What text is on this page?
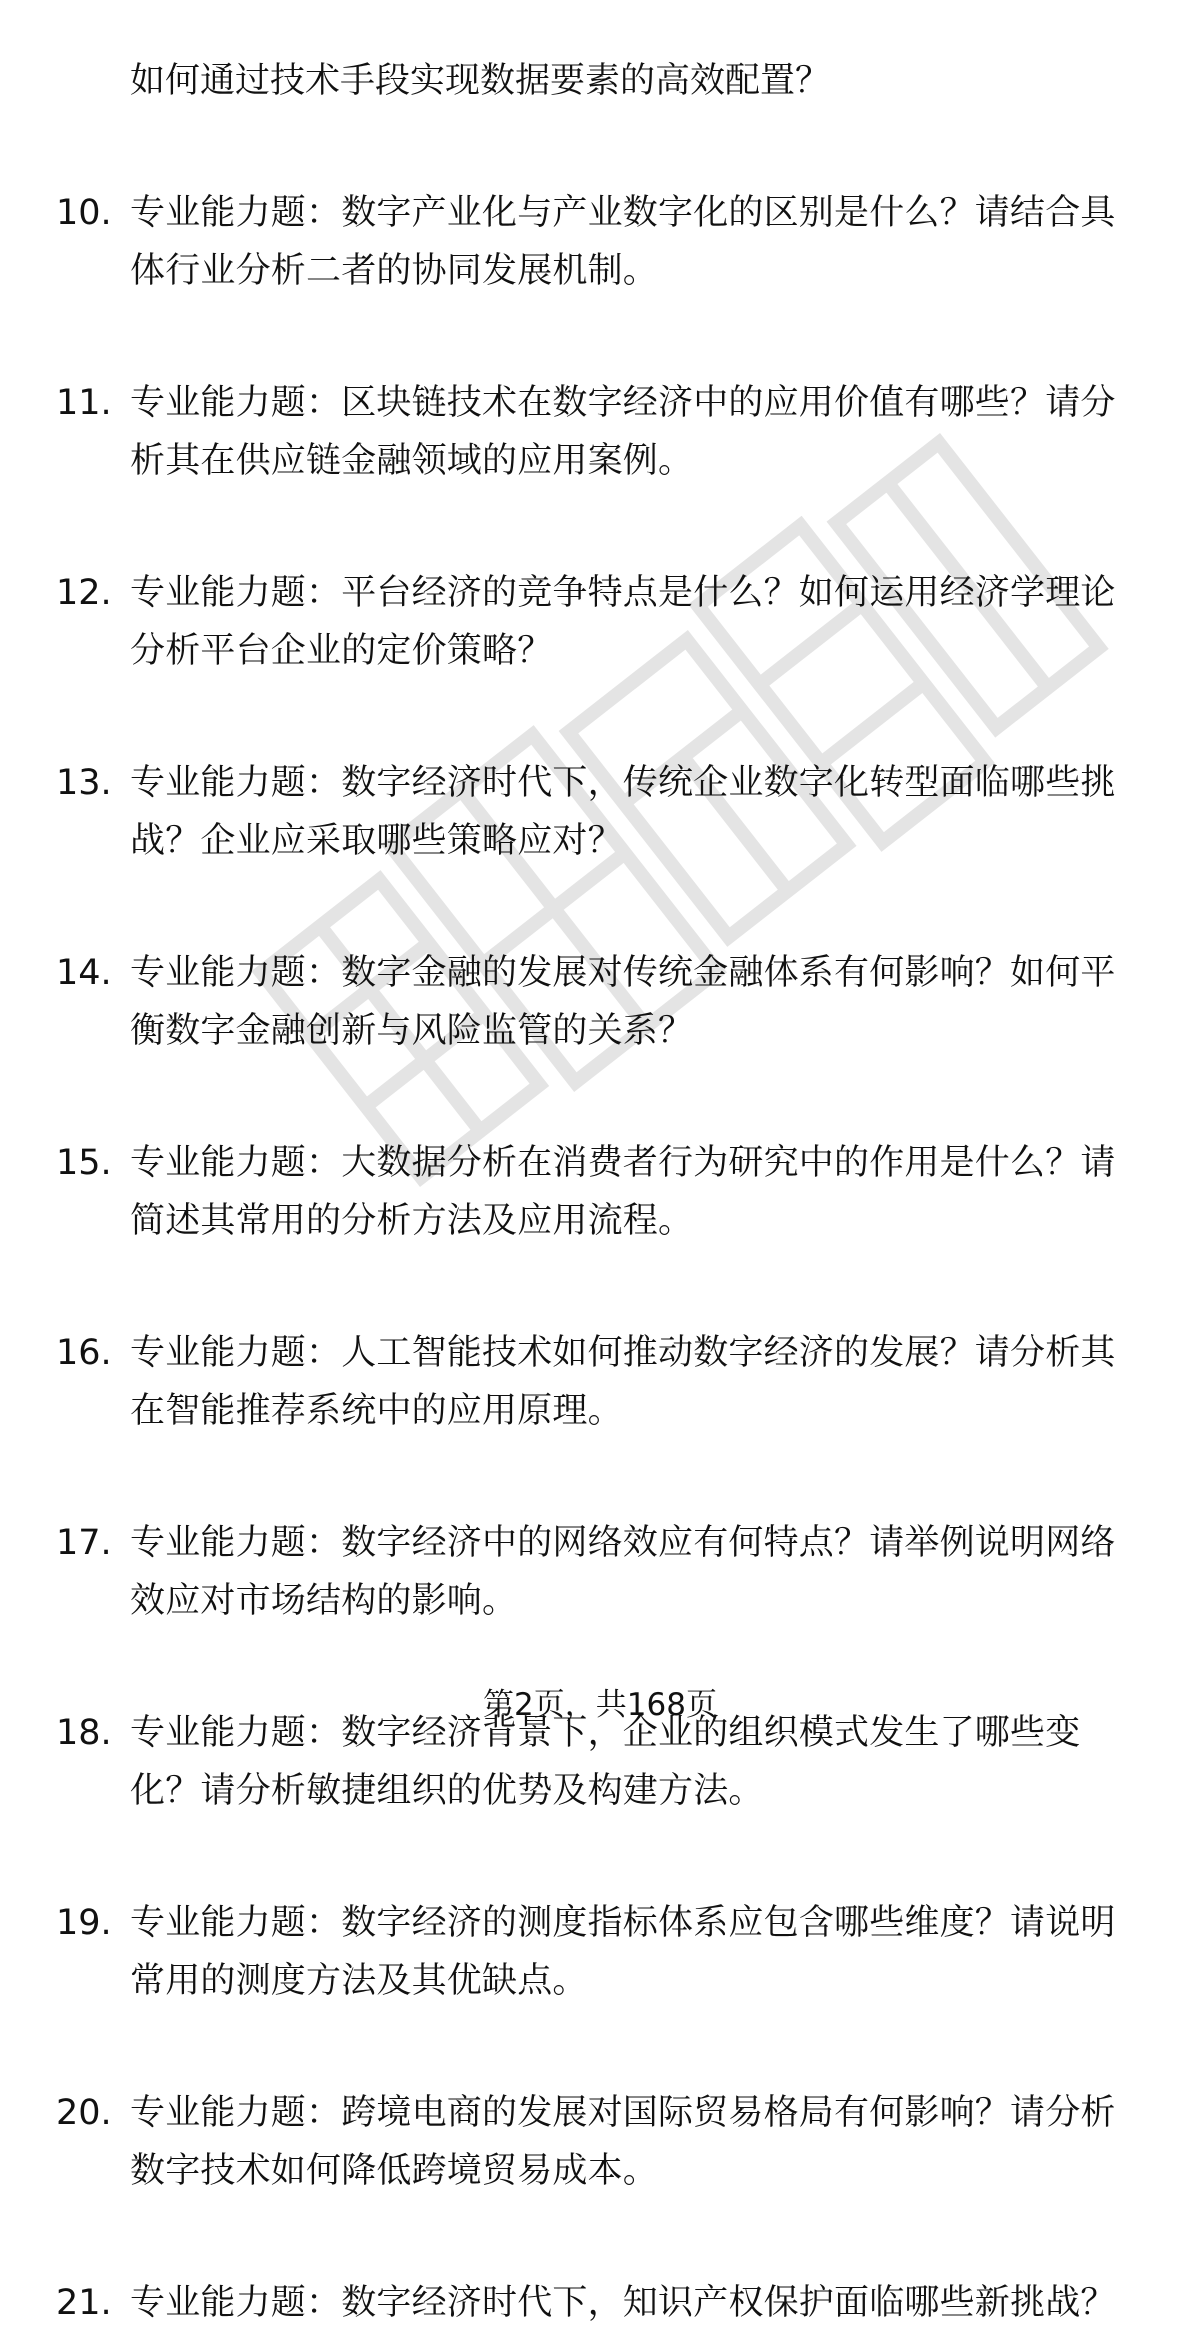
如何通过技术手段实现数据要素的高效配置？
10. 专业能力题：数字产业化与产业数字化的区别是什么？请结合具
体行业分析二者的协同发展机制。
11. 专业能力题：区块链技术在数字经济中的应用价值有哪些？请分
析其在供应链金融领域的应用案例。
12. 专业能力题：平台经济的竞争特点是什么？如何运用经济学理论
分析平台企业的定价策略？
13. 专业能力题：数字经济时代下，传统企业数字化转型面临哪些挑
战？企业应采取哪些策略应对？
14. 专业能力题：数字金融的发展对传统金融体系有何影响？如何平
衡数字金融创新与风险监管的关系？
15. 专业能力题：大数据分析在消费者行为研究中的作用是什么？请
简述其常用的分析方法及应用流程。
16. 专业能力题：人工智能技术如何推动数字经济的发展？请分析其
在智能推荐系统中的应用原理。
17. 专业能力题：数字经济中的网络效应有何特点？请举例说明网络
效应对市场结构的影响。
18. 专业能力题：数字经济背景下，企业的组织模式发生了哪些变
化？请分析敏捷组织的优势及构建方法。
19. 专业能力题：数字经济的测度指标体系应包含哪些维度？请说明
常用的测度方法及其优缺点。
20. 专业能力题：跨境电商的发展对国际贸易格局有何影响？请分析
数字技术如何降低跨境贸易成本。
21. 专业能力题：数字经济时代下，知识产权保护面临哪些新挑战？
第2页，共168页
